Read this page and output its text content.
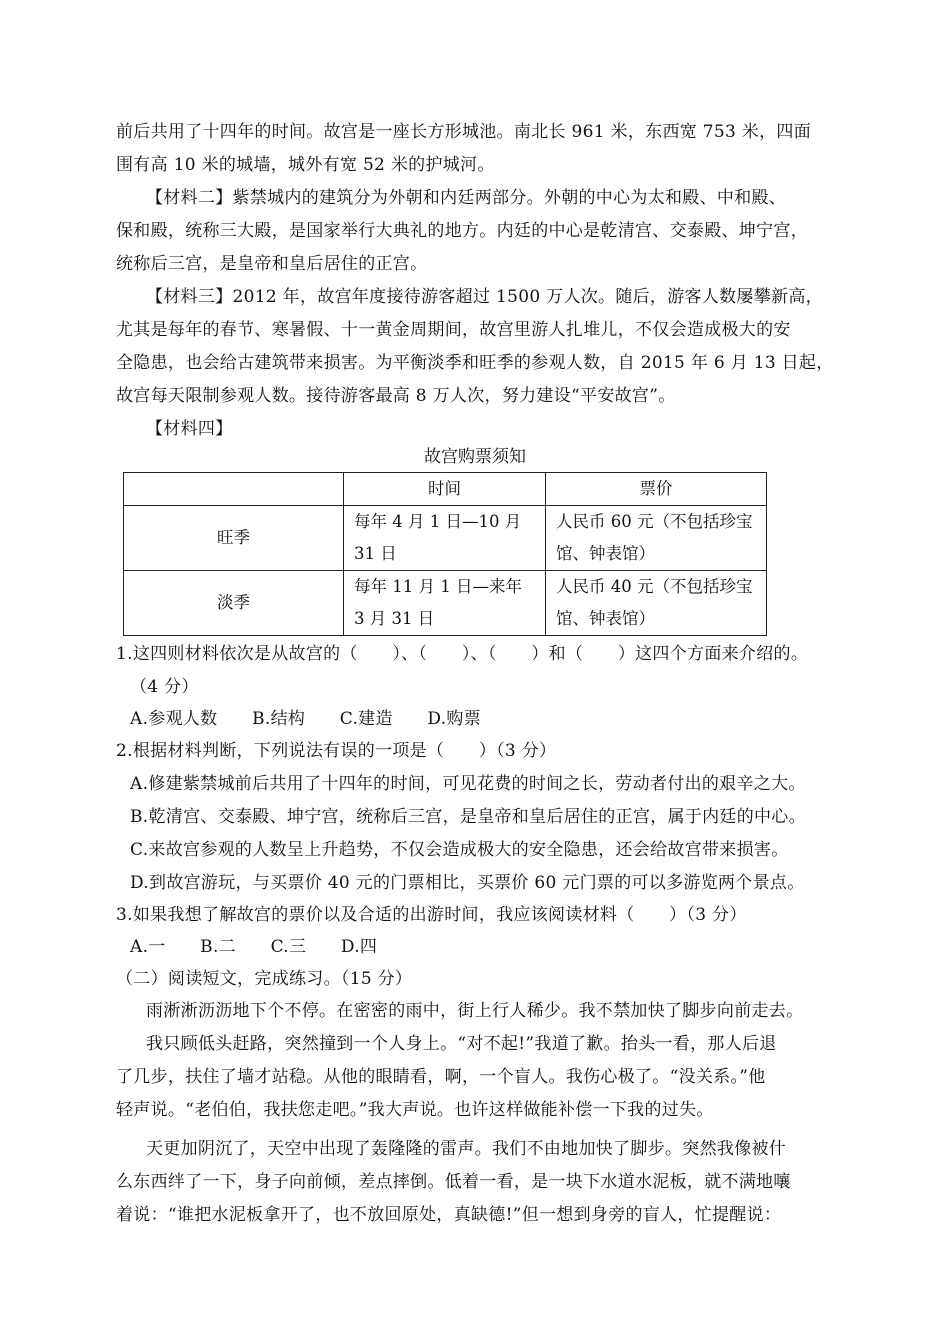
前后共用了十四年的时间。故宫是一座长方形城池。南北长 961 米，东西宽 753 米，四面
围有高 10 米的城墙，城外有宽 52 米的护城河。
【材料二】紫禁城内的建筑分为外朝和内廷两部分。外朝的中心为太和殿、中和殿、
保和殿，统称三大殿，是国家举行大典礼的地方。内廷的中心是乾清宫、交泰殿、坤宁宫，
统称后三宫，是皇帝和皇后居住的正宫。
【材料三】2012 年，故宫年度接待游客超过 1500 万人次。随后，游客人数屡攀新高，
尤其是每年的春节、寒暑假、十一黄金周期间，故宫里游人扎堆儿，不仅会造成极大的安
全隐患，也会给古建筑带来损害。为平衡淡季和旺季的参观人数，自 2015 年 6 月 13 日起，
故宫每天限制参观人数。接待游客最高 8 万人次，努力建设“平安故宫”。
【材料四】
故宫购票须知
	时间	票价
旺季	每年 4 月 1 日—10 月 31 日	人民币 60 元（不包括珍宝馆、钟表馆）
淡季	每年 11 月 1 日—来年 3 月 31 日	人民币 40 元（不包括珍宝馆、钟表馆）
1.这四则材料依次是从故宫的（　　）、（　　）、（　　）和（　　）这四个方面来介绍的。
（4 分）
A.参观人数　　B.结构　　C.建造　　D.购票
2.根据材料判断，下列说法有误的一项是（　　）（3 分）
A.修建紫禁城前后共用了十四年的时间，可见花费的时间之长，劳动者付出的艰辛之大。
B.乾清宫、交泰殿、坤宁宫，统称后三宫，是皇帝和皇后居住的正宫，属于内廷的中心。
C.来故宫参观的人数呈上升趋势，不仅会造成极大的安全隐患，还会给故宫带来损害。
D.到故宫游玩，与买票价 40 元的门票相比，买票价 60 元门票的可以多游览两个景点。
3.如果我想了解故宫的票价以及合适的出游时间，我应该阅读材料（　　）（3 分）
A.一　　B.二　　C.三　　D.四
（二）阅读短文，完成练习。（15 分）
雨淅淅沥沥地下个不停。在密密的雨中，街上行人稀少。我不禁加快了脚步向前走去。
我只顾低头赶路，突然撞到一个人身上。“对不起!”我道了歉。抬头一看，那人后退
了几步，扶住了墙才站稳。从他的眼睛看，啊，一个盲人。我伤心极了。“没关系。”他
轻声说。“老伯伯，我扶您走吧。”我大声说。也许这样做能补偿一下我的过失。
天更加阴沉了，天空中出现了轰隆隆的雷声。我们不由地加快了脚步。突然我像被什
么东西绊了一下，身子向前倾，差点摔倒。低着一看，是一块下水道水泥板，就不满地嚷
着说：“谁把水泥板拿开了，也不放回原处，真缺德!”但一想到身旁的盲人，忙提醒说：
